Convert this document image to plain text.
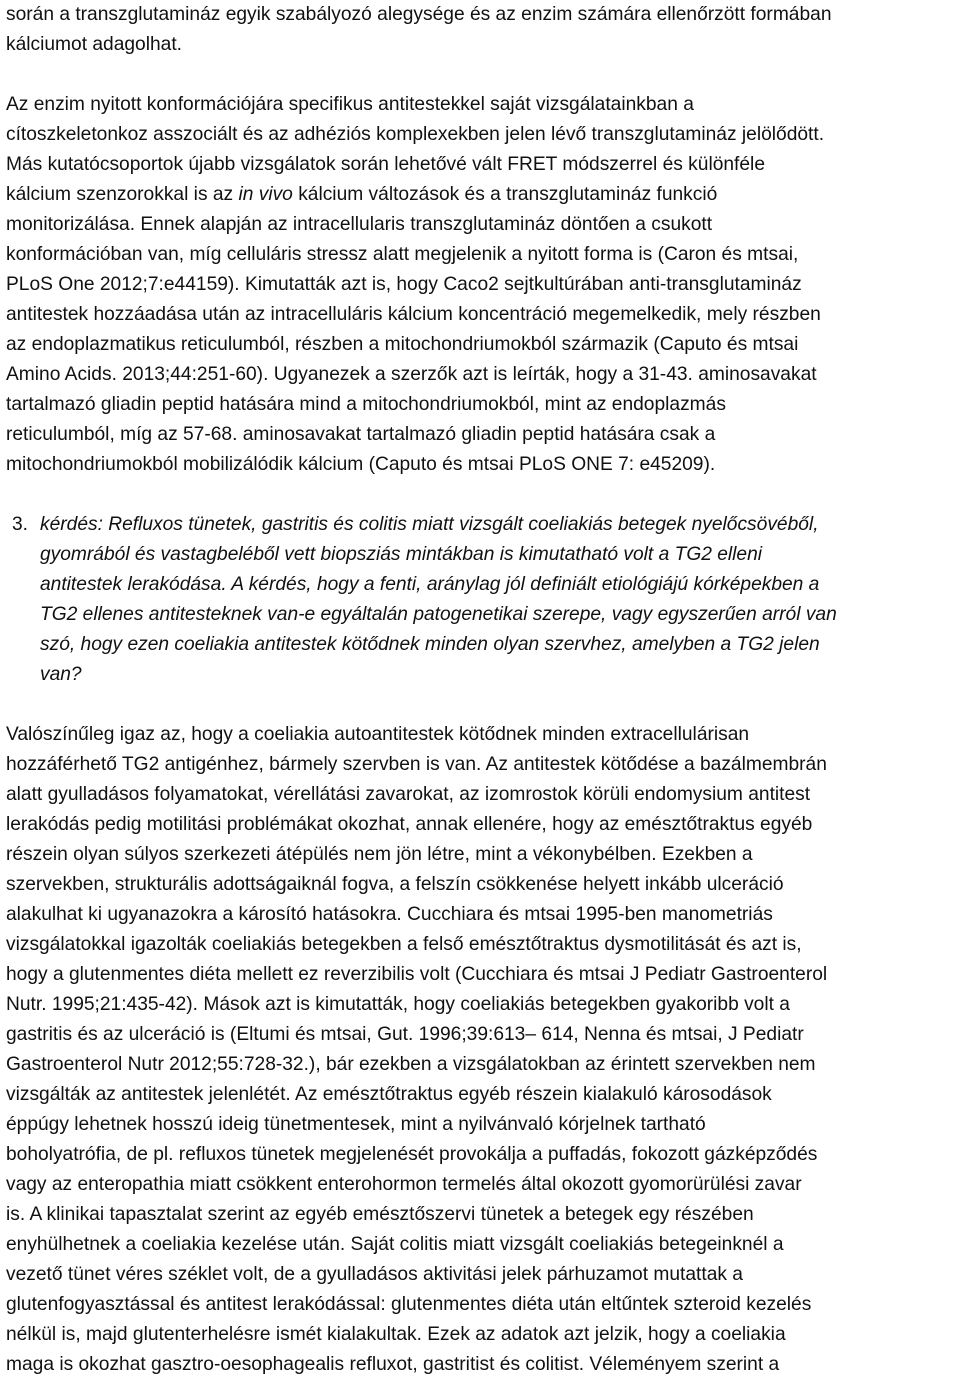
során a transzglutamináz egyik szabályozó alegysége és az enzim számára ellenőrzött formában
kálciumot adagolhat.
Az enzim nyitott konformációjára specifikus antitestekkel saját vizsgálatainkban a
cítoszkeletonkoz asszociált és az adhéziós komplexekben jelen lévő transzglutamináz jelölődött.
Más kutatócsoportok újabb vizsgálatok során lehetővé vált FRET módszerrel és különféle
kálcium szenzorokkal is az in vivo kálcium változások és a transzglutamináz funkció
monitorizálása. Ennek alapján az intracellularis transzglutamináz döntően a csukott
konformációban van, míg celluláris stressz alatt megjelenik a nyitott forma is (Caron és mtsai,
PLoS One 2012;7:e44159). Kimutatták azt is, hogy Caco2 sejtkultúrában anti-transglutamináz
antitestek hozzáadása után az intracelluláris kálcium koncentráció megemelkedik, mely részben
az endoplazmatikus reticulumból, részben a mitochondriumokból származik (Caputo és mtsai
Amino Acids. 2013;44:251-60). Ugyanezek a szerzők azt is leírták, hogy a 31-43. aminosavakat
tartalmazó gliadin peptid hatására mind a mitochondriumokból, mint az endoplazmás
reticulumból, míg az 57-68. aminosavakat tartalmazó gliadin peptid hatására csak a
mitochondriumokból mobilizálódik kálcium (Caputo és mtsai PLoS ONE 7: e45209).
3. kérdés: Refluxos tünetek, gastritis és colitis miatt vizsgált coeliakiás betegek nyelőcsövéből,
gyomrából és vastagbeléből vett biopsziás mintákban is kimutatható volt a TG2 elleni
antitestek lerakódása. A kérdés, hogy a fenti, aránylag jól definiált etiológiájú kórképekben a
TG2 ellenes antitesteknek van-e egyáltalán patogenetikai szerepe, vagy egyszerűen arról van
szó, hogy ezen coeliakia antitestek kötődnek minden olyan szervhez, amelyben a TG2 jelen
van?
Valószínűleg igaz az, hogy a coeliakia autoantitestek kötődnek minden extracellulárisan
hozzáférhető TG2 antigénhez, bármely szervben is van. Az antitestek kötődése a bazálmembrán
alatt gyulladásos folyamatokat, vérellátási zavarokat, az izomrostok körüli endomysium antitest
lerakódás pedig motilitási problémákat okozhat, annak ellenére, hogy az emésztőtraktus egyéb
részein olyan súlyos szerkezeti átépülés nem jön létre, mint a vékonybélben. Ezekben a
szervekben, strukturális adottságaiknál fogva, a felszín csökkenése helyett inkább ulceráció
alakulhat ki ugyanazokra a károsító hatásokra. Cucchiara és mtsai 1995-ben manometriás
vizsgálatokkal igazolták coeliakiás betegekben a felső emésztőtraktus dysmotilitását és azt is,
hogy a glutenmentes diéta mellett ez reverzibilis volt (Cucchiara és mtsai J Pediatr Gastroenterol
Nutr. 1995;21:435-42). Mások azt is kimutatták, hogy coeliakiás betegekben gyakoribb volt a
gastritis és az ulceráció is (Eltumi és mtsai, Gut. 1996;39:613– 614, Nenna és mtsai, J Pediatr
Gastroenterol Nutr 2012;55:728-32.), bár ezekben a vizsgálatokban az érintett szervekben nem
vizsgálták az antitestek jelenlétét. Az emésztőtraktus egyéb részein kialakuló károsodások
éppúgy lehetnek hosszú ideig tünetmentesek, mint a nyilvánvaló kórjelnek tartható
boholyatrófia, de pl. refluxos tünetek megjelenését provokálja a puffadás, fokozott gázképződés
vagy az enteropathia miatt csökkent enterohormon termelés által okozott gyomorürülési zavar
is. A klinikai tapasztalat szerint az egyéb emésztőszervi tünetek a betegek egy részében
enyhülhetnek a coeliakia kezelése után. Saját colitis miatt vizsgált coeliakiás betegeinknél a
vezető tünet véres széklet volt, de a gyulladásos aktivitási jelek párhuzamot mutattak a
glutenfogyasztással és antitest lerakódással: glutenmentes diéta után eltűntek szteroid kezelés
nélkül is, majd glutenterhelésre ismét kialakultak. Ezek az adatok azt jelzik, hogy a coeliakia
maga is okozhat gasztro-oesophagealis refluxot, gastritist és colitist. Véleményem szerint a
